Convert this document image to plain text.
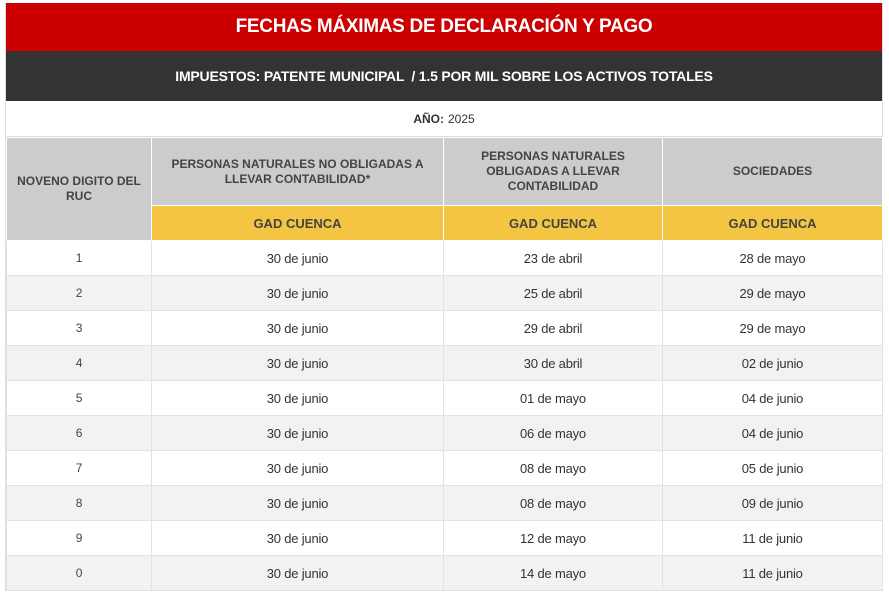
FECHAS MÁXIMAS DE DECLARACIÓN Y PAGO
IMPUESTOS: PATENTE MUNICIPAL  / 1.5 POR MIL SOBRE LOS ACTIVOS TOTALES
AÑO: 2025
NOVENO DIGITO DEL RUC	PERSONAS NATURALES NO OBLIGADAS A LLEVAR CONTABILIDAD*	PERSONAS NATURALES OBLIGADAS A LLEVAR CONTABILIDAD	SOCIEDADES
	GAD CUENCA	GAD CUENCA	GAD CUENCA
1	30 de junio	23 de abril	28 de mayo
2	30 de junio	25 de abril	29 de mayo
3	30 de junio	29 de abril	29 de mayo
4	30 de junio	30 de abril	02 de junio
5	30 de junio	01 de mayo	04 de junio
6	30 de junio	06 de mayo	04 de junio
7	30 de junio	08 de mayo	05 de junio
8	30 de junio	08 de mayo	09 de junio
9	30 de junio	12 de mayo	11 de junio
0	30 de junio	14 de mayo	11 de junio
